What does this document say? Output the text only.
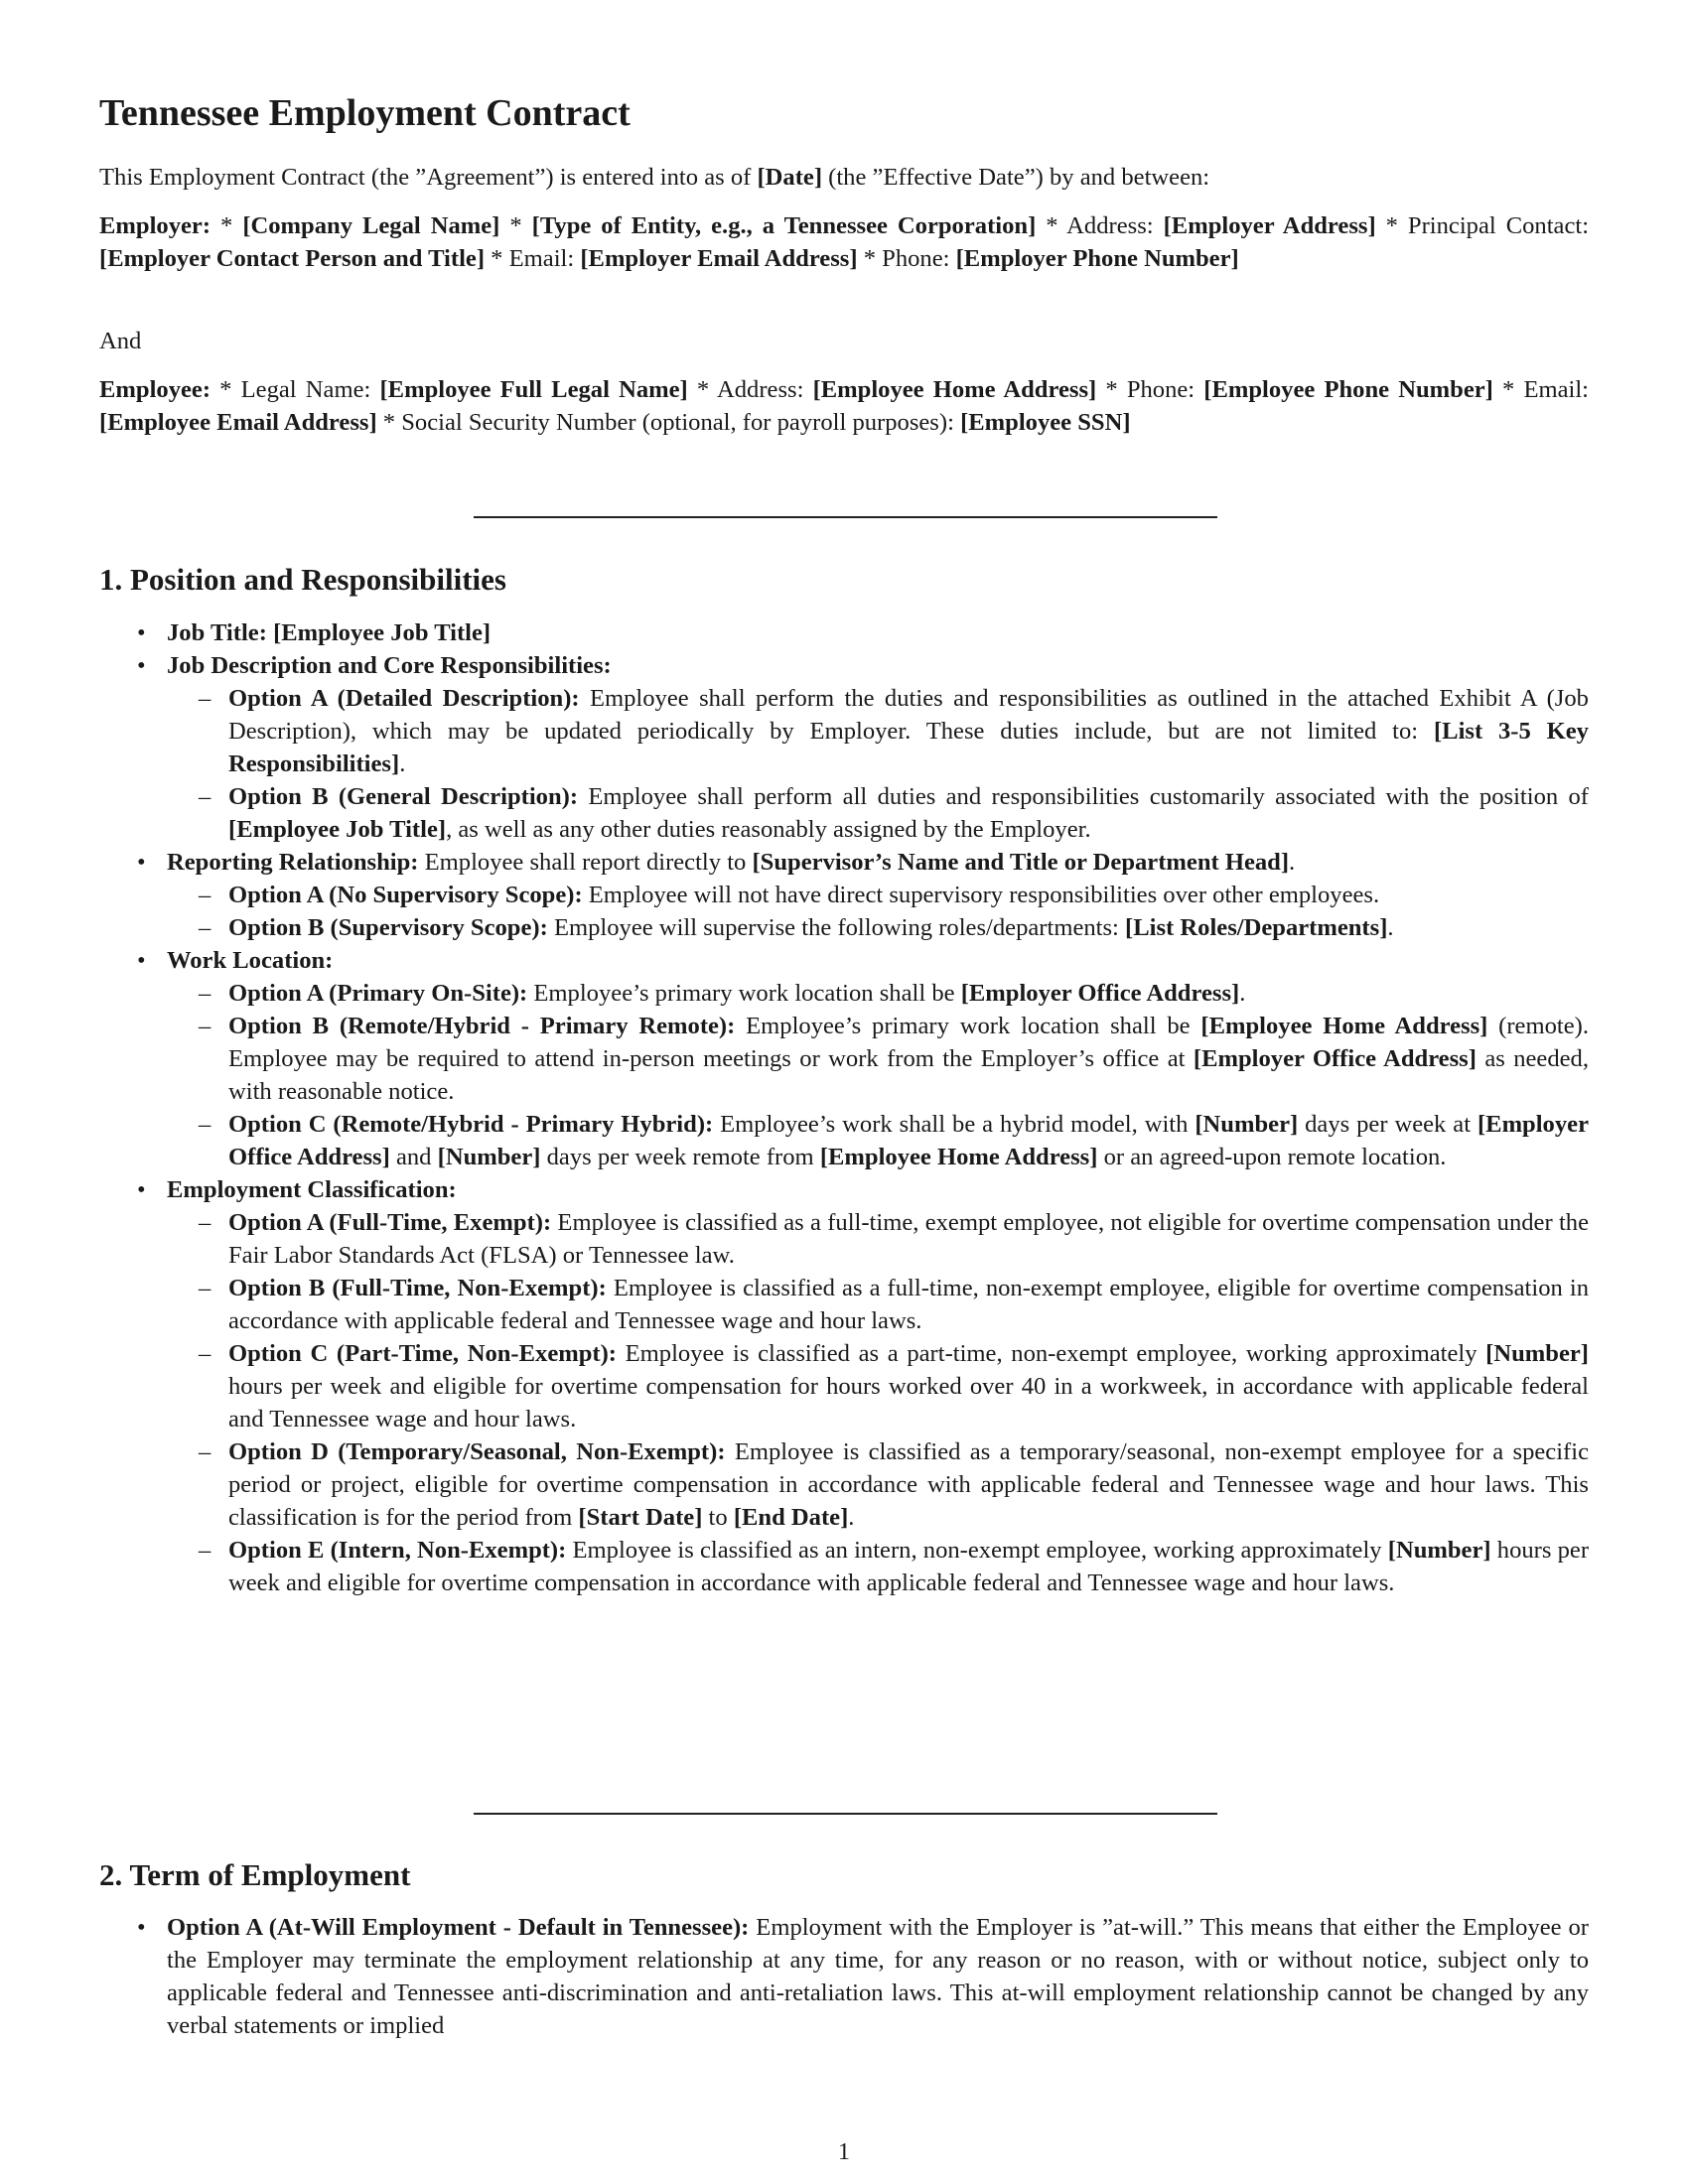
Tennessee Employment Contract

This Employment Contract (the ”Agreement”) is entered into as of [Date] (the ”Effective Date”) by and between:

Employer: * [Company Legal Name] * [Type of Entity, e.g., a Tennessee Corporation] * Address: [Employer Address] * Principal Contact: [Employer Contact Person and Title] * Email: [Employer Email Address] * Phone: [Employer Phone Number]

And

Employee: * Legal Name: [Employee Full Legal Name] * Address: [Employee Home Address] * Phone: [Employee Phone Number] * Email: [Employee Email Address] * Social Security Number (optional, for payroll purposes): [Employee SSN]

1. Position and Responsibilities
• Job Title: [Employee Job Title]
• Job Description and Core Responsibilities:
– Option A (Detailed Description): Employee shall perform the duties and responsibilities as outlined in the attached Exhibit A (Job Description), which may be updated periodically by Employer. These duties include, but are not limited to: [List 3-5 Key Responsibilities].
– Option B (General Description): Employee shall perform all duties and responsibilities customarily associated with the position of [Employee Job Title], as well as any other duties reasonably assigned by the Employer.
• Reporting Relationship: Employee shall report directly to [Supervisor’s Name and Title or Department Head].
– Option A (No Supervisory Scope): Employee will not have direct supervisory responsibilities over other employees.
– Option B (Supervisory Scope): Employee will supervise the following roles/departments: [List Roles/Departments].
• Work Location:
– Option A (Primary On-Site): Employee’s primary work location shall be [Employer Office Address].
– Option B (Remote/Hybrid - Primary Remote): Employee’s primary work location shall be [Employee Home Address] (remote). Employee may be required to attend in-person meetings or work from the Employer’s office at [Employer Office Address] as needed, with reasonable notice.
– Option C (Remote/Hybrid - Primary Hybrid): Employee’s work shall be a hybrid model, with [Number] days per week at [Employer Office Address] and [Number] days per week remote from [Employee Home Address] or an agreed-upon remote location.
• Employment Classification:
– Option A (Full-Time, Exempt): Employee is classified as a full-time, exempt employee, not eligible for overtime compensation under the Fair Labor Standards Act (FLSA) or Tennessee law.
– Option B (Full-Time, Non-Exempt): Employee is classified as a full-time, non-exempt employee, eligible for overtime compensation in accordance with applicable federal and Tennessee wage and hour laws.
– Option C (Part-Time, Non-Exempt): Employee is classified as a part-time, non-exempt employee, working approximately [Number] hours per week and eligible for overtime compensation for hours worked over 40 in a workweek, in accordance with applicable federal and Tennessee wage and hour laws.
– Option D (Temporary/Seasonal, Non-Exempt): Employee is classified as a temporary/seasonal, non-exempt employee for a specific period or project, eligible for overtime compensation in accordance with applicable federal and Tennessee wage and hour laws. This classification is for the period from [Start Date] to [End Date].
– Option E (Intern, Non-Exempt): Employee is classified as an intern, non-exempt employee, working approximately [Number] hours per week and eligible for overtime compensation in accordance with applicable federal and Tennessee wage and hour laws.
2. Term of Employment
• Option A (At-Will Employment - Default in Tennessee): Employment with the Employer is ”at-will.” This means that either the Employee or the Employer may terminate the employment relationship at any time, for any reason or no reason, with or without notice, subject only to applicable federal and Tennessee anti-discrimination and anti-retaliation laws. This at-will employment relationship cannot be changed by any verbal statements or implied
1
